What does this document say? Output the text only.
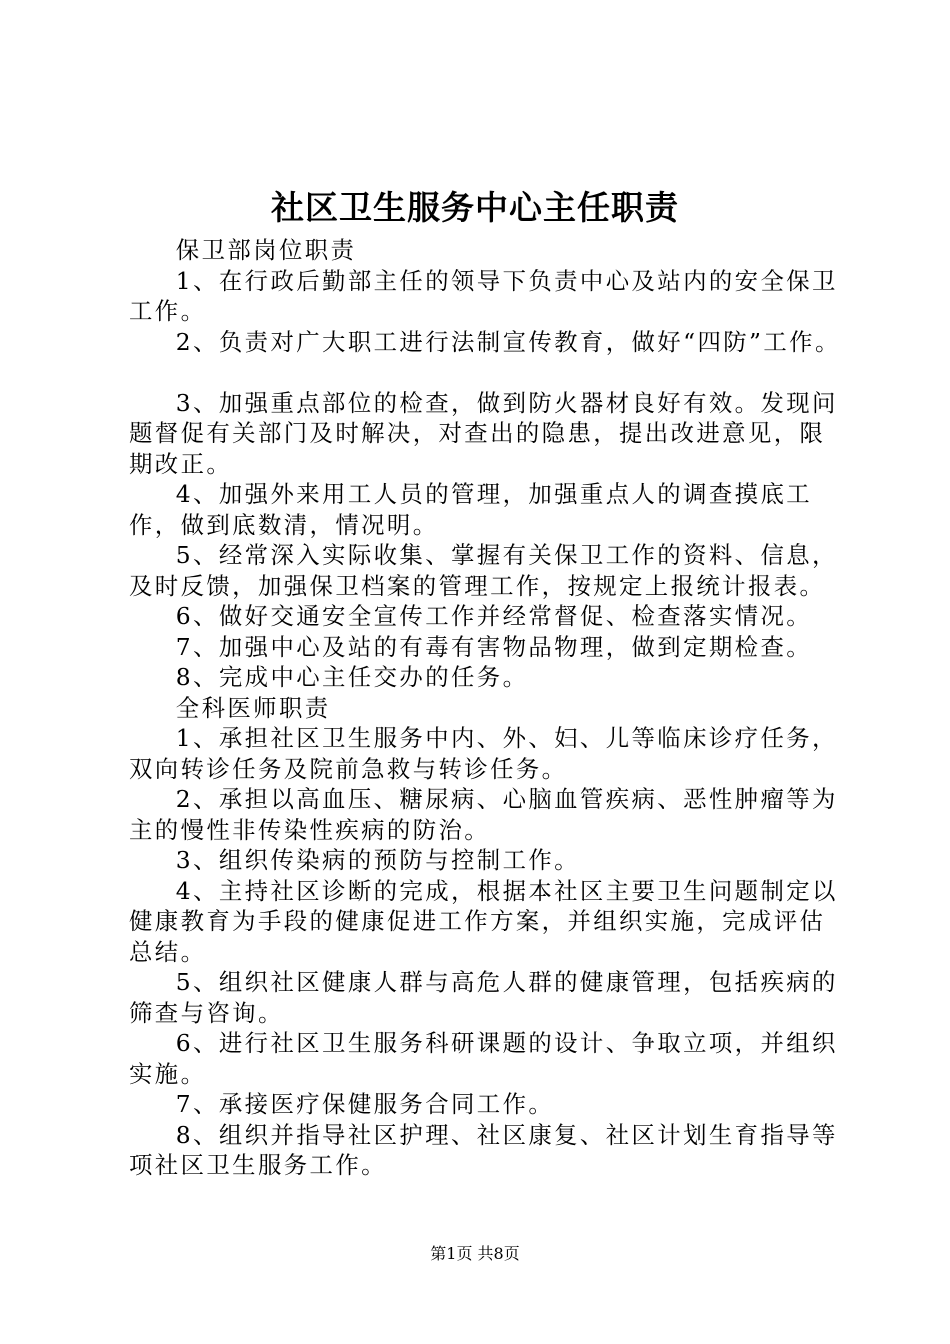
社区卫生服务中心主任职责

保卫部岗位职责

1、在行政后勤部主任的领导下负责中心及站内的安全保卫工作。

2、负责对广大职工进行法制宣传教育，做好“四防”工作。

3、加强重点部位的检查，做到防火器材良好有效。发现问题督促有关部门及时解决，对查出的隐患，提出改进意见，限期改正。

4、加强外来用工人员的管理，加强重点人的调查摸底工作，做到底数清，情况明。

5、经常深入实际收集、掌握有关保卫工作的资料、信息，及时反馈，加强保卫档案的管理工作，按规定上报统计报表。

6、做好交通安全宣传工作并经常督促、检查落实情况。

7、加强中心及站的有毒有害物品物理，做到定期检查。

8、完成中心主任交办的任务。

全科医师职责

1、承担社区卫生服务中内、外、妇、儿等临床诊疗任务，双向转诊任务及院前急救与转诊任务。

2、承担以高血压、糖尿病、心脑血管疾病、恶性肿瘤等为主的慢性非传染性疾病的防治。

3、组织传染病的预防与控制工作。

4、主持社区诊断的完成，根据本社区主要卫生问题制定以健康教育为手段的健康促进工作方案，并组织实施，完成评估总结。

5、组织社区健康人群与高危人群的健康管理，包括疾病的筛查与咨询。

6、进行社区卫生服务科研课题的设计、争取立项，并组织实施。

7、承接医疗保健服务合同工作。

8、组织并指导社区护理、社区康复、社区计划生育指导等项社区卫生服务工作。

第1页 共8页
